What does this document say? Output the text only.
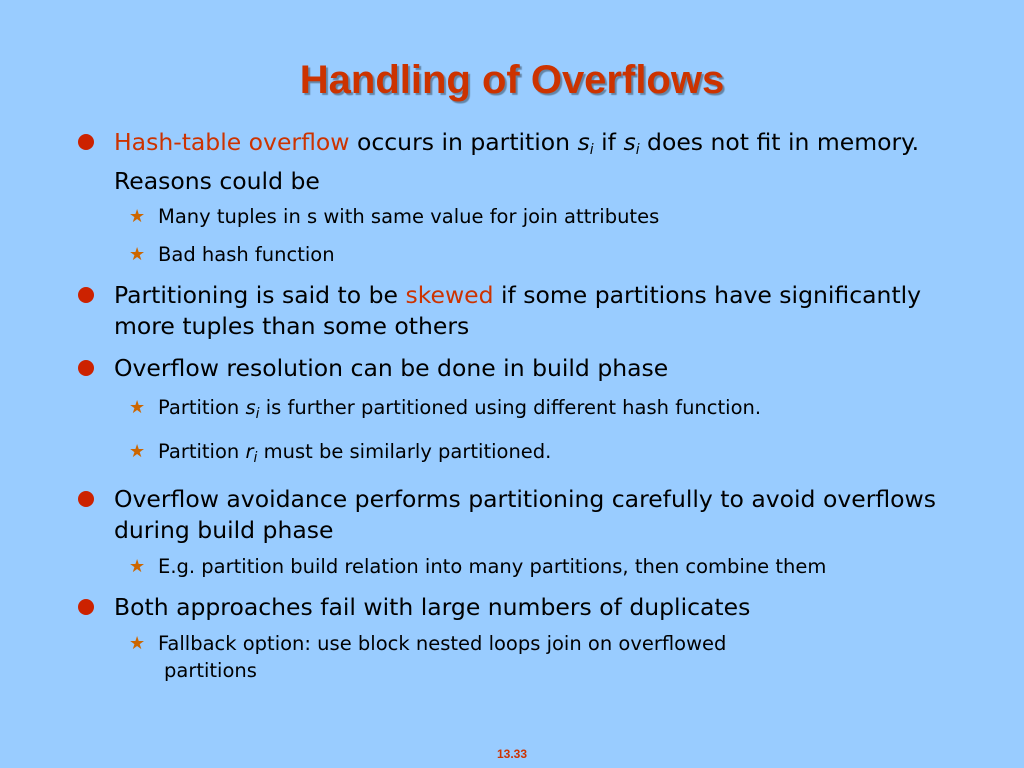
Handling of Overflows
Hash-table overflow occurs in partition $s_i$ if $s_i$ does not fit in memory. Reasons could be
★ Many tuples in s with same value for join attributes
★ Bad hash function
Partitioning is said to be skewed if some partitions have significantly more tuples than some others
Overflow resolution can be done in build phase
★ Partition $s_i$ is further partitioned using different hash function.
★ Partition $r_i$ must be similarly partitioned.
Overflow avoidance performs partitioning carefully to avoid overflows during build phase
★ E.g. partition build relation into many partitions, then combine them
Both approaches fail with large numbers of duplicates
★ Fallback option: use block nested loops join on overflowed
partitions
13.33
